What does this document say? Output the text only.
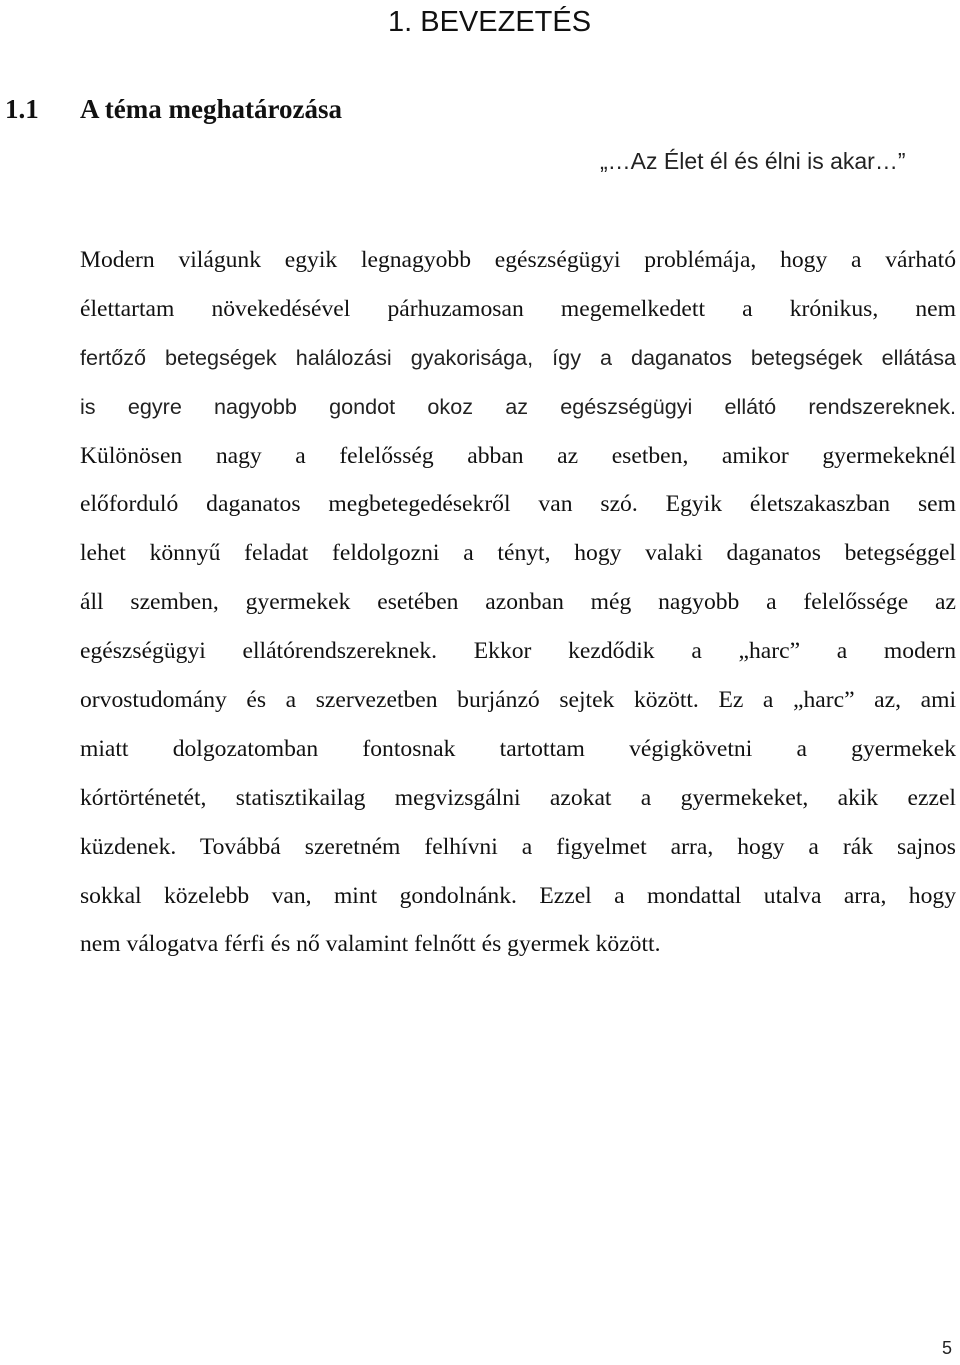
1. BEVEZETÉS
1.1 A téma meghatározása

„…Az Élet él és élni is akar…”

Modern világunk egyik legnagyobb egészségügyi problémája, hogy a várható
élettartam növekedésével párhuzamosan megemelkedett a krónikus, nem
fertőző betegségek halálozási gyakorisága, így a daganatos betegségek ellátása
is egyre nagyobb gondot okoz az egészségügyi ellátó rendszereknek.
Különösen nagy a felelősség abban az esetben, amikor gyermekeknél
előforduló daganatos megbetegedésekről van szó. Egyik életszakaszban sem
lehet könnyű feladat feldolgozni a tényt, hogy valaki daganatos betegséggel
áll szemben, gyermekek esetében azonban még nagyobb a felelőssége az
egészségügyi ellátórendszereknek. Ekkor kezdődik a „harc” a modern
orvostudomány és a szervezetben burjánzó sejtek között. Ez a „harc” az, ami
miatt dolgozatomban fontosnak tartottam végigkövetni a gyermekek
kórtörténetét, statisztikailag megvizsgálni azokat a gyermekeket, akik ezzel
küzdenek. Továbbá szeretném felhívni a figyelmet arra, hogy a rák sajnos
sokkal közelebb van, mint gondolnánk. Ezzel a mondattal utalva arra, hogy
nem válogatva férfi és nő valamint felnőtt és gyermek között.
5
